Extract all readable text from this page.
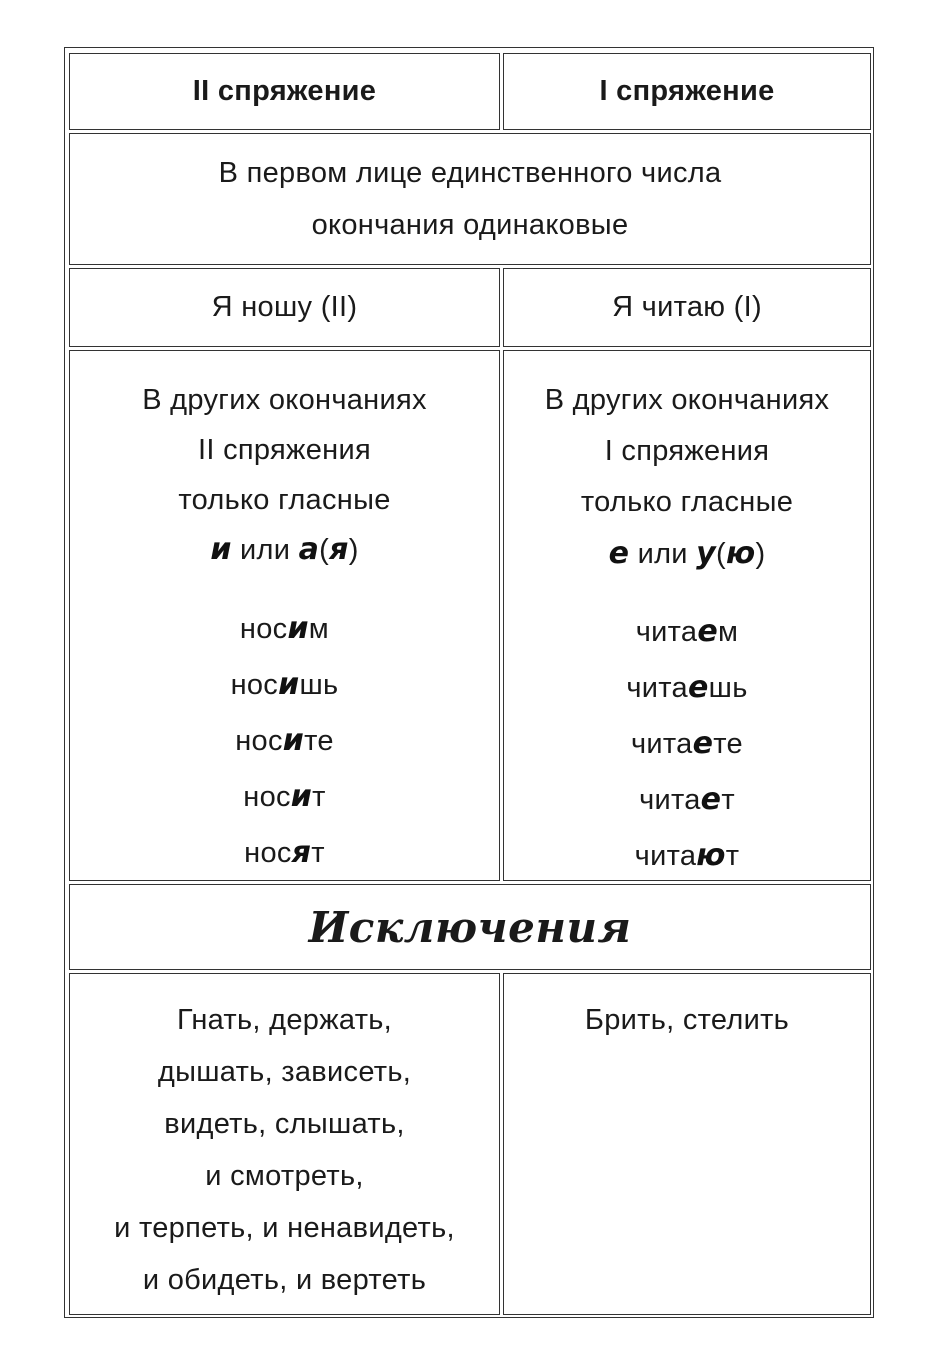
II спряжение	I спряжение
В первом лице единственного числа
окончания одинаковые
Я ношу (II)	Я читаю (I)
В других окончаниях
II спряжения
только гласные
и или а(я)
носим
носишь
носите
носит
носят
В других окончаниях
I спряжения
только гласные
е или у(ю)
читаем
читаешь
читаете
читает
читают
Исключения
Гнать, держать,
дышать, зависеть,
видеть, слышать,
и смотреть,
и терпеть, и ненавидеть,
и обидеть, и вертеть
Брить, стелить
